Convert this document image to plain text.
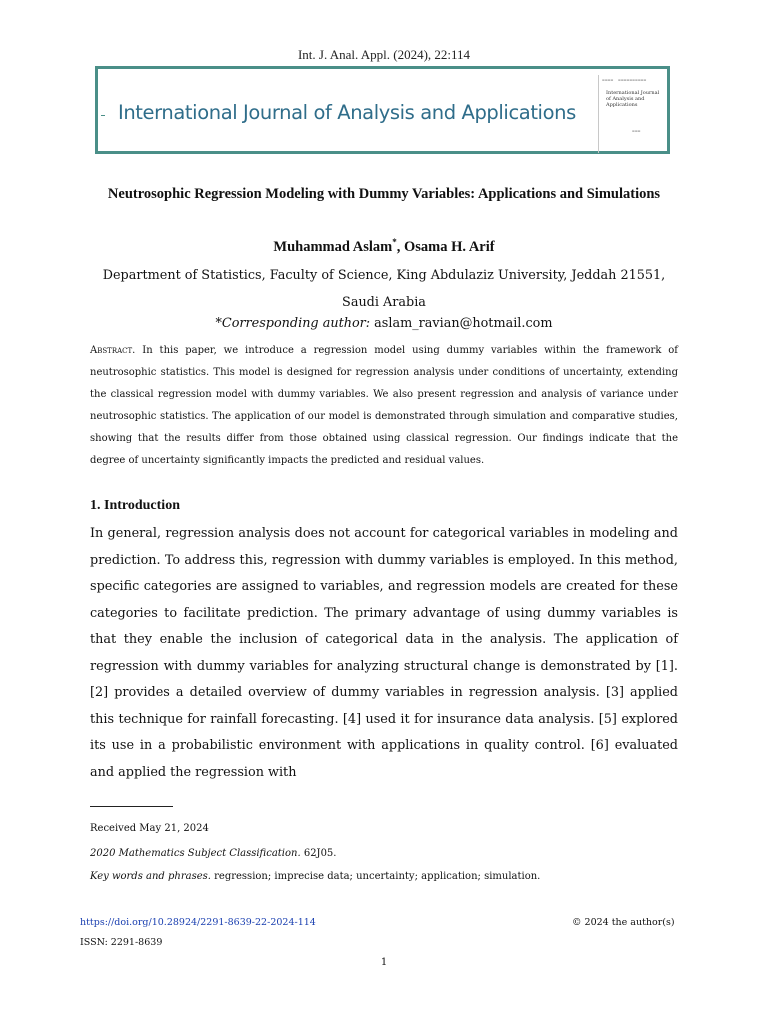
Int. J. Anal. Appl. (2024), 22:114
International Journal of Analysis and Applications
▬▬▬▬ ▬▬▬▬▬▬▬▬▬▬
International Journal of Analysis and Applications
▬▬▬
Neutrosophic Regression Modeling with Dummy Variables: Applications and Simulations
Muhammad Aslam*, Osama H. Arif
Department of Statistics, Faculty of Science, King Abdulaziz University, Jeddah 21551, Saudi Arabia
*Corresponding author: aslam_ravian@hotmail.com

Abstract. In this paper, we introduce a regression model using dummy variables within the framework of neutrosophic statistics. This model is designed for regression analysis under conditions of uncertainty, extending the classical regression model with dummy variables. We also present regression and analysis of variance under neutrosophic statistics. The application of our model is demonstrated through simulation and comparative studies, showing that the results differ from those obtained using classical regression. Our findings indicate that the degree of uncertainty significantly impacts the predicted and residual values.

1. Introduction

In general, regression analysis does not account for categorical variables in modeling and prediction. To address this, regression with dummy variables is employed. In this method, specific categories are assigned to variables, and regression models are created for these categories to facilitate prediction. The primary advantage of using dummy variables is that they enable the inclusion of categorical data in the analysis. The application of regression with dummy variables for analyzing structural change is demonstrated by [1]. [2] provides a detailed overview of dummy variables in regression analysis. [3] applied this technique for rainfall forecasting. [4] used it for insurance data analysis. [5] explored its use in a probabilistic environment with applications in quality control. [6] evaluated and applied the regression with

Received May 21, 2024
2020 Mathematics Subject Classification. 62J05.
Key words and phrases. regression; imprecise data; uncertainty; application; simulation.
https://doi.org/10.28924/2291-8639-22-2024-114	© 2024 the author(s)
ISSN: 2291-8639
1
